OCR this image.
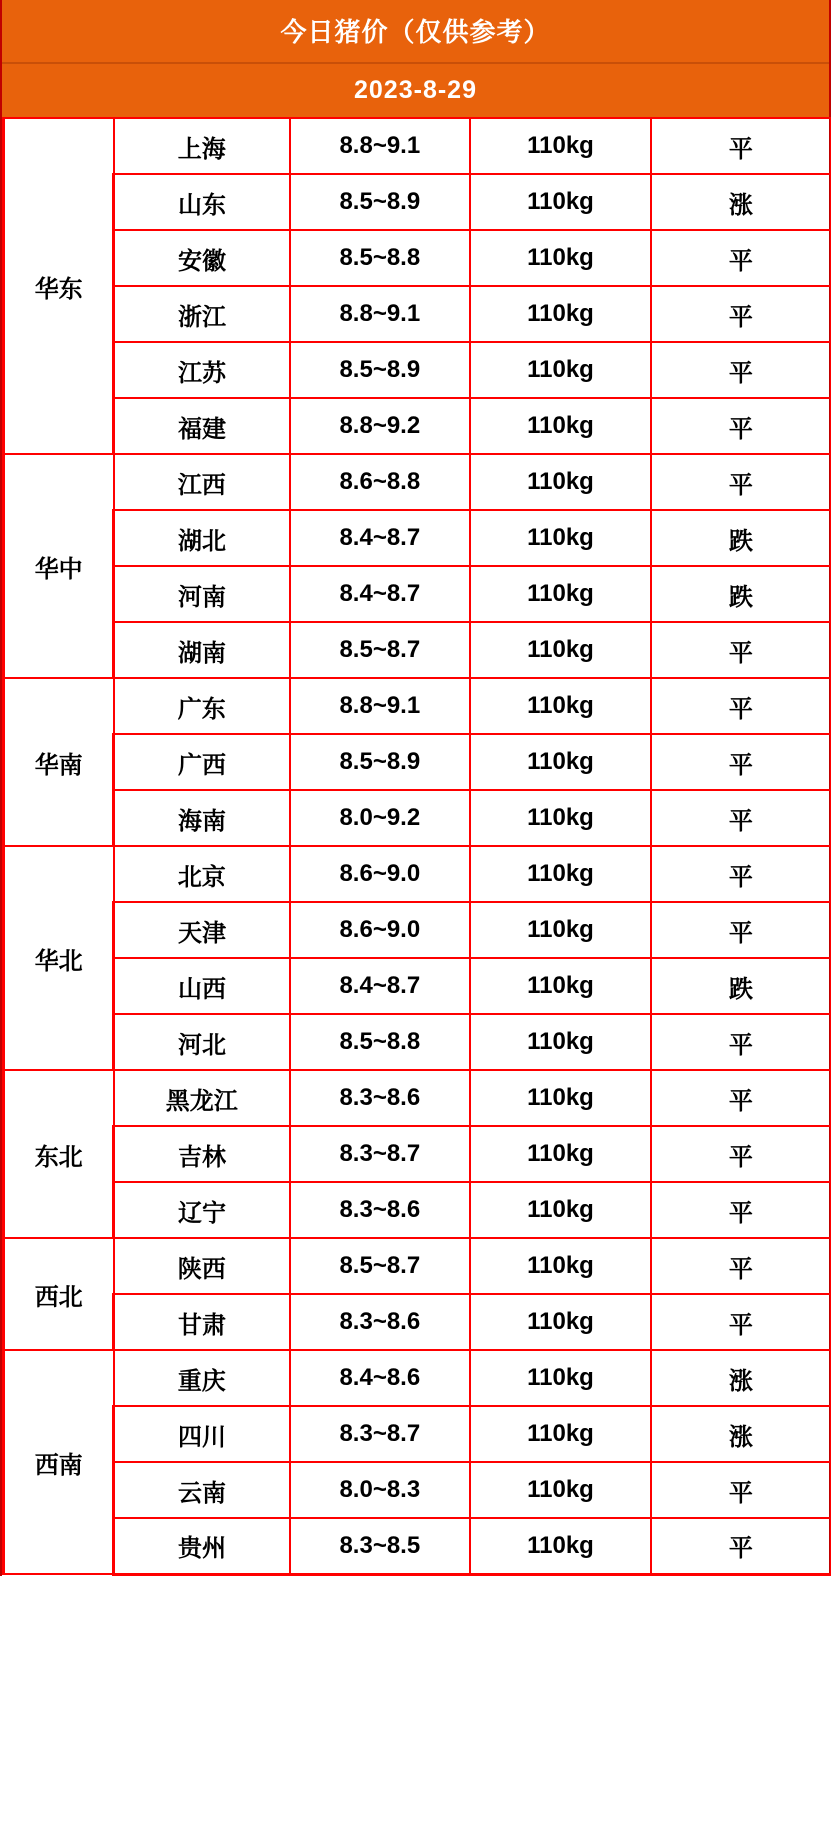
今日猪价（仅供参考）
2023-8-29
华东	上海	8.8~9.1	110kg	平
	山东	8.5~8.9	110kg	涨
	安徽	8.5~8.8	110kg	平
	浙江	8.8~9.1	110kg	平
	江苏	8.5~8.9	110kg	平
	福建	8.8~9.2	110kg	平
华中	江西	8.6~8.8	110kg	平
	湖北	8.4~8.7	110kg	跌
	河南	8.4~8.7	110kg	跌
	湖南	8.5~8.7	110kg	平
华南	广东	8.8~9.1	110kg	平
	广西	8.5~8.9	110kg	平
	海南	8.0~9.2	110kg	平
华北	北京	8.6~9.0	110kg	平
	天津	8.6~9.0	110kg	平
	山西	8.4~8.7	110kg	跌
	河北	8.5~8.8	110kg	平
东北	黑龙江	8.3~8.6	110kg	平
	吉林	8.3~8.7	110kg	平
	辽宁	8.3~8.6	110kg	平
西北	陕西	8.5~8.7	110kg	平
	甘肃	8.3~8.6	110kg	平
西南	重庆	8.4~8.6	110kg	涨
	四川	8.3~8.7	110kg	涨
	云南	8.0~8.3	110kg	平
	贵州	8.3~8.5	110kg	平
